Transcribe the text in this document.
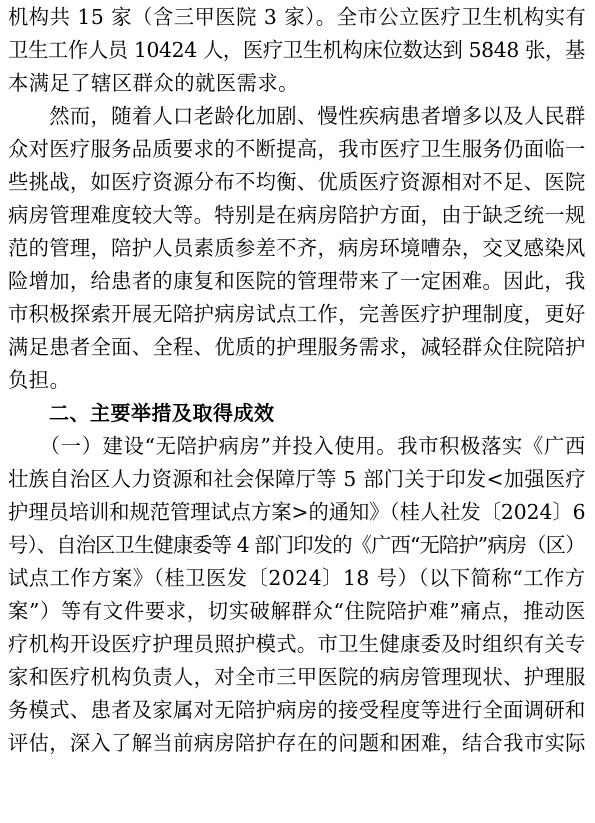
机构共 15 家（含三甲医院 3 家）。全市公立医疗卫生机构实有
卫生工作人员 10424 人，医疗卫生机构床位数达到 5848 张，基
本满足了辖区群众的就医需求。
　　然而，随着人口老龄化加剧、慢性疾病患者增多以及人民群
众对医疗服务品质要求的不断提高，我市医疗卫生服务仍面临一
些挑战，如医疗资源分布不均衡、优质医疗资源相对不足、医院
病房管理难度较大等。特别是在病房陪护方面，由于缺乏统一规
范的管理，陪护人员素质参差不齐，病房环境嘈杂，交叉感染风
险增加，给患者的康复和医院的管理带来了一定困难。因此，我
市积极探索开展无陪护病房试点工作，完善医疗护理制度，更好
满足患者全面、全程、优质的护理服务需求，减轻群众住院陪护
负担。
　　二、主要举措及取得成效
　　（一）建设“无陪护病房”并投入使用。我市积极落实《广西
壮族自治区人力资源和社会保障厅等 5 部门关于印发<加强医疗
护理员培训和规范管理试点方案>的通知》（桂人社发〔2024〕6
号）、自治区卫生健康委等 4 部门印发的《广西“无陪护”病房（区）
试点工作方案》（桂卫医发〔2024〕18 号）（以下简称“工作方
案”）等有文件要求，切实破解群众“住院陪护难”痛点，推动医
疗机构开设医疗护理员照护模式。市卫生健康委及时组织有关专
家和医疗机构负责人，对全市三甲医院的病房管理现状、护理服
务模式、患者及家属对无陪护病房的接受程度等进行全面调研和
评估，深入了解当前病房陪护存在的问题和困难，结合我市实际
